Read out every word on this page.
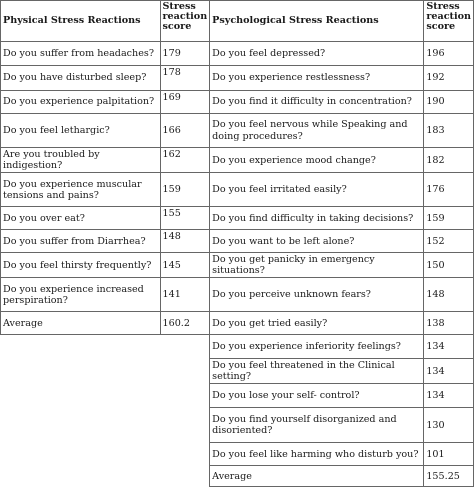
Physical Stress Reactions	Stress reaction score	Psychological Stress Reactions	Stress reaction score
Do you suffer from headaches?	179	Do you feel depressed?	196
Do you have disturbed sleep?	178	Do you experience restlessness?	192
Do you experience palpitation?	169	Do you find it difficulty in concentration?	190
Do you feel lethargic?	166	Do you feel nervous while Speaking and doing procedures?	183
Are you troubled by indigestion?	162	Do you experience mood change?	182
Do you experience muscular tensions and pains?	159	Do you feel irritated easily?	176
Do you over eat?	155	Do you find difficulty in taking decisions?	159
Do you suffer from Diarrhea?	148	Do you want to be left alone?	152
Do you feel thirsty frequently?	145	Do you get panicky in emergency situations?	150
Do you experience increased perspiration?	141	Do you perceive unknown fears?	148
Average	160.2	Do you get tried easily?	138
		Do you experience inferiority feelings?	134
		Do you feel threatened in the Clinical setting?	134
		Do you lose your self- control?	134
		Do you find yourself disorganized and disoriented?	130
		Do you feel like harming who disturb you?	101
		Average	155.25
